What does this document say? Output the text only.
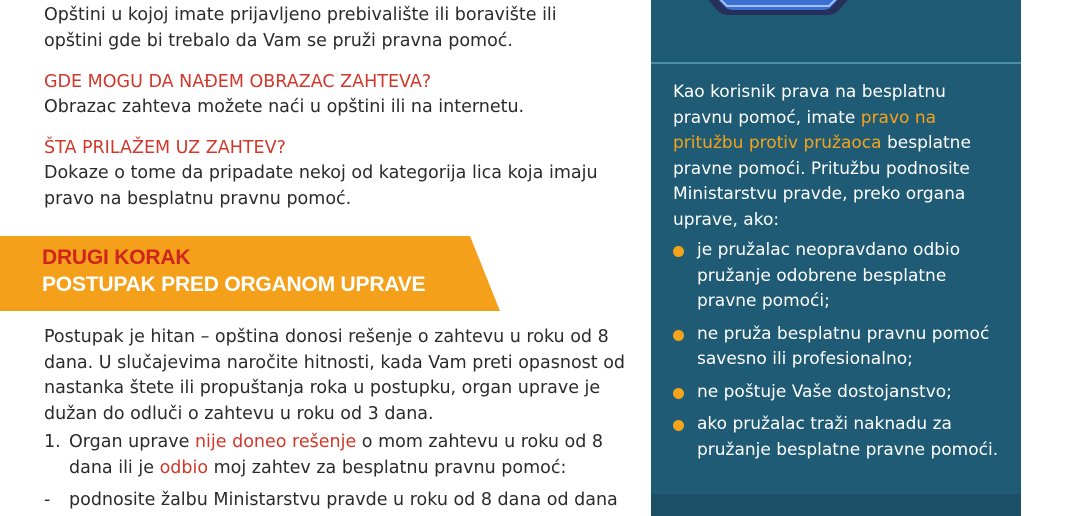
Opštini u kojoj imate prijavljeno prebivalište ili boravište ili
opštini gde bi trebalo da Vam se pruži pravna pomoć.

GDE MOGU DA NAĐEM OBRAZAC ZAHTEVA?

Obrazac zahteva možete naći u opštini ili na internetu.

ŠTA PRILAŽEM UZ ZAHTEV?

Dokaze o tome da pripadate nekoj od kategorija lica koja imaju
pravo na besplatnu pravnu pomoć.

Postupak je hitan – opština donosi rešenje o zahtevu u roku od 8
dana. U slučajevima naročite hitnosti, kada Vam preti opasnost od
nastanka štete ili propuštanja roka u postupku, organ uprave je
dužan do odluči o zahtevu u roku od 3 dana.

1. Organ uprave nije doneo rešenje o mom zahtevu u roku od 8
dana ili je odbio moj zahtev za besplatnu pravnu pomoć:

- podnosite žalbu Ministarstvu pravde u roku od 8 dana od dana

DRUGI KORAK
POSTUPAK PRED ORGANOM UPRAVE

Kao korisnik prava na besplatnu
pravnu pomoć, imate pravo na
pritužbu protiv pružaoca besplatne
pravne pomoći. Pritužbu podnosite
Ministarstvu pravde, preko organa
uprave, ako:

je pružalac neopravdano odbio
pružanje odobrene besplatne
pravne pomoći;
ne pruža besplatnu pravnu pomoć
savesno ili profesionalno;
ne poštuje Vaše dostojanstvo;
ako pružalac traži naknadu za
pružanje besplatne pravne pomoći.
